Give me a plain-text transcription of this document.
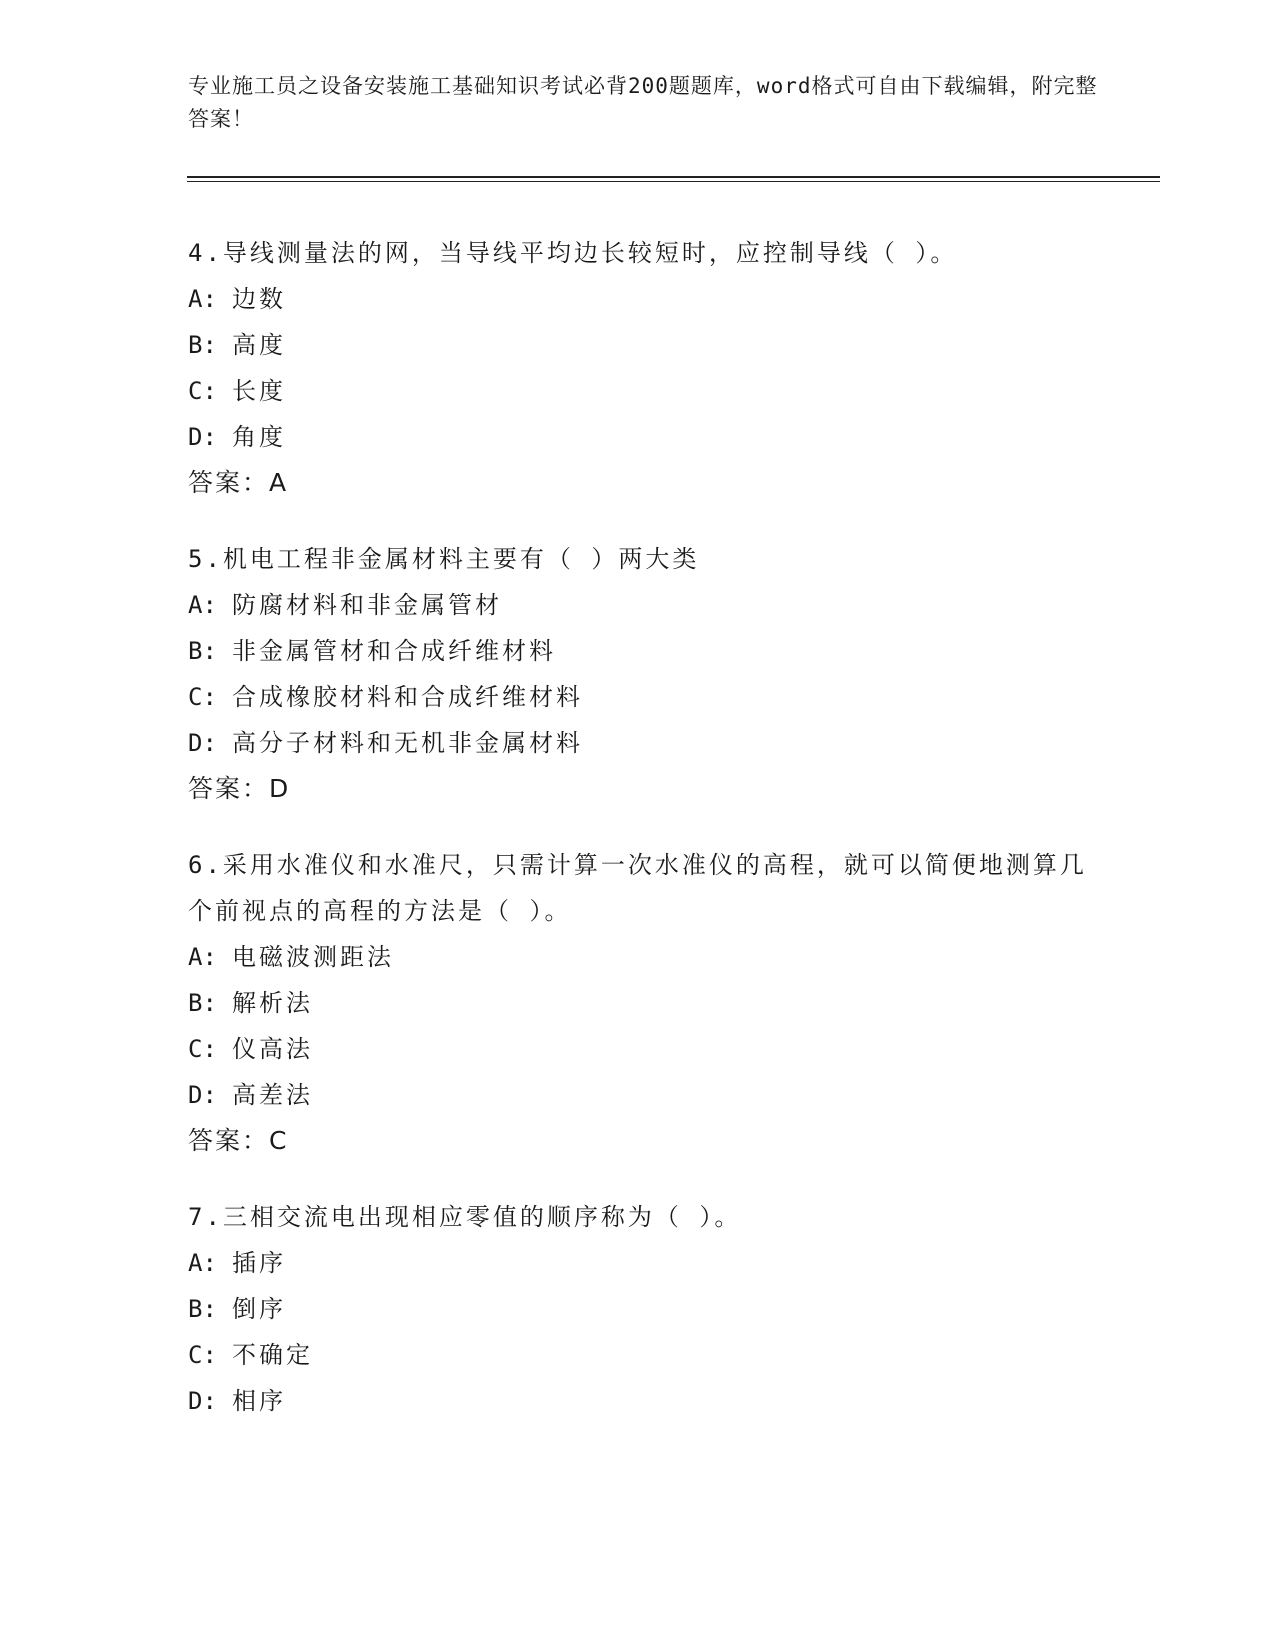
专业施工员之设备安装施工基础知识考试必背200题题库，word格式可自由下载编辑，附完整答案！

4.导线测量法的网，当导线平均边长较短时，应控制导线（ ）。

A: 边数

B: 高度

C: 长度

D: 角度

答案：A

5.机电工程非金属材料主要有（ ）两大类

A: 防腐材料和非金属管材

B: 非金属管材和合成纤维材料

C: 合成橡胶材料和合成纤维材料

D: 高分子材料和无机非金属材料

答案：D

6.采用水准仪和水准尺，只需计算一次水准仪的高程，就可以简便地测算几个前视点的高程的方法是（ ）。

A: 电磁波测距法

B: 解析法

C: 仪高法

D: 高差法

答案：C

7.三相交流电出现相应零值的顺序称为（ ）。

A: 插序

B: 倒序

C: 不确定

D: 相序
